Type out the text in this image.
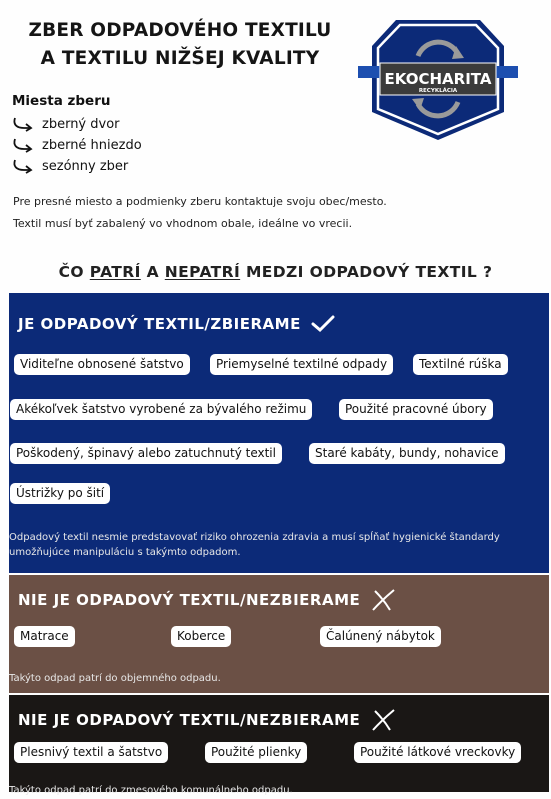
ZBER ODPADOVÉHO TEXTILU
A TEXTILU NIŽŠEJ KVALITY
EKOCHARITA
RECYKLÁCIA
Miesta zberu
zberný dvor
zberné hniezdo
sezónny zber
Pre presné miesto a podmienky zberu kontaktuje svoju obec/mesto.
Textil musí byť zabalený vo vhodnom obale, ideálne vo vrecii.
ČO PATRÍ A NEPATRÍ MEDZI ODPADOVÝ TEXTIL ?
JE ODPADOVÝ TEXTIL/ZBIERAME
Viditeľne obnosené šatstvo	Priemyselné textilné odpady	Textilné rúška
Akékoľvek šatstvo vyrobené za bývalého režimu	Použité pracovné úbory
Poškodený, špinavý alebo zatuchnutý textil	Staré kabáty, bundy, nohavice
Ústrižky po šití
Odpadový textil nesmie predstavovať riziko ohrozenia zdravia a musí spĺňať hygienické štandardy
umožňujúce manipuláciu s takýmto odpadom.
NIE JE ODPADOVÝ TEXTIL/NEZBIERAME
Matrace	Koberce	Čalúnený nábytok
Takýto odpad patrí do objemného odpadu.
NIE JE ODPADOVÝ TEXTIL/NEZBIERAME
Plesnivý textil a šatstvo	Použité plienky	Použité látkové vreckovky
Takýto odpad patrí do zmesového komunálneho odpadu.
